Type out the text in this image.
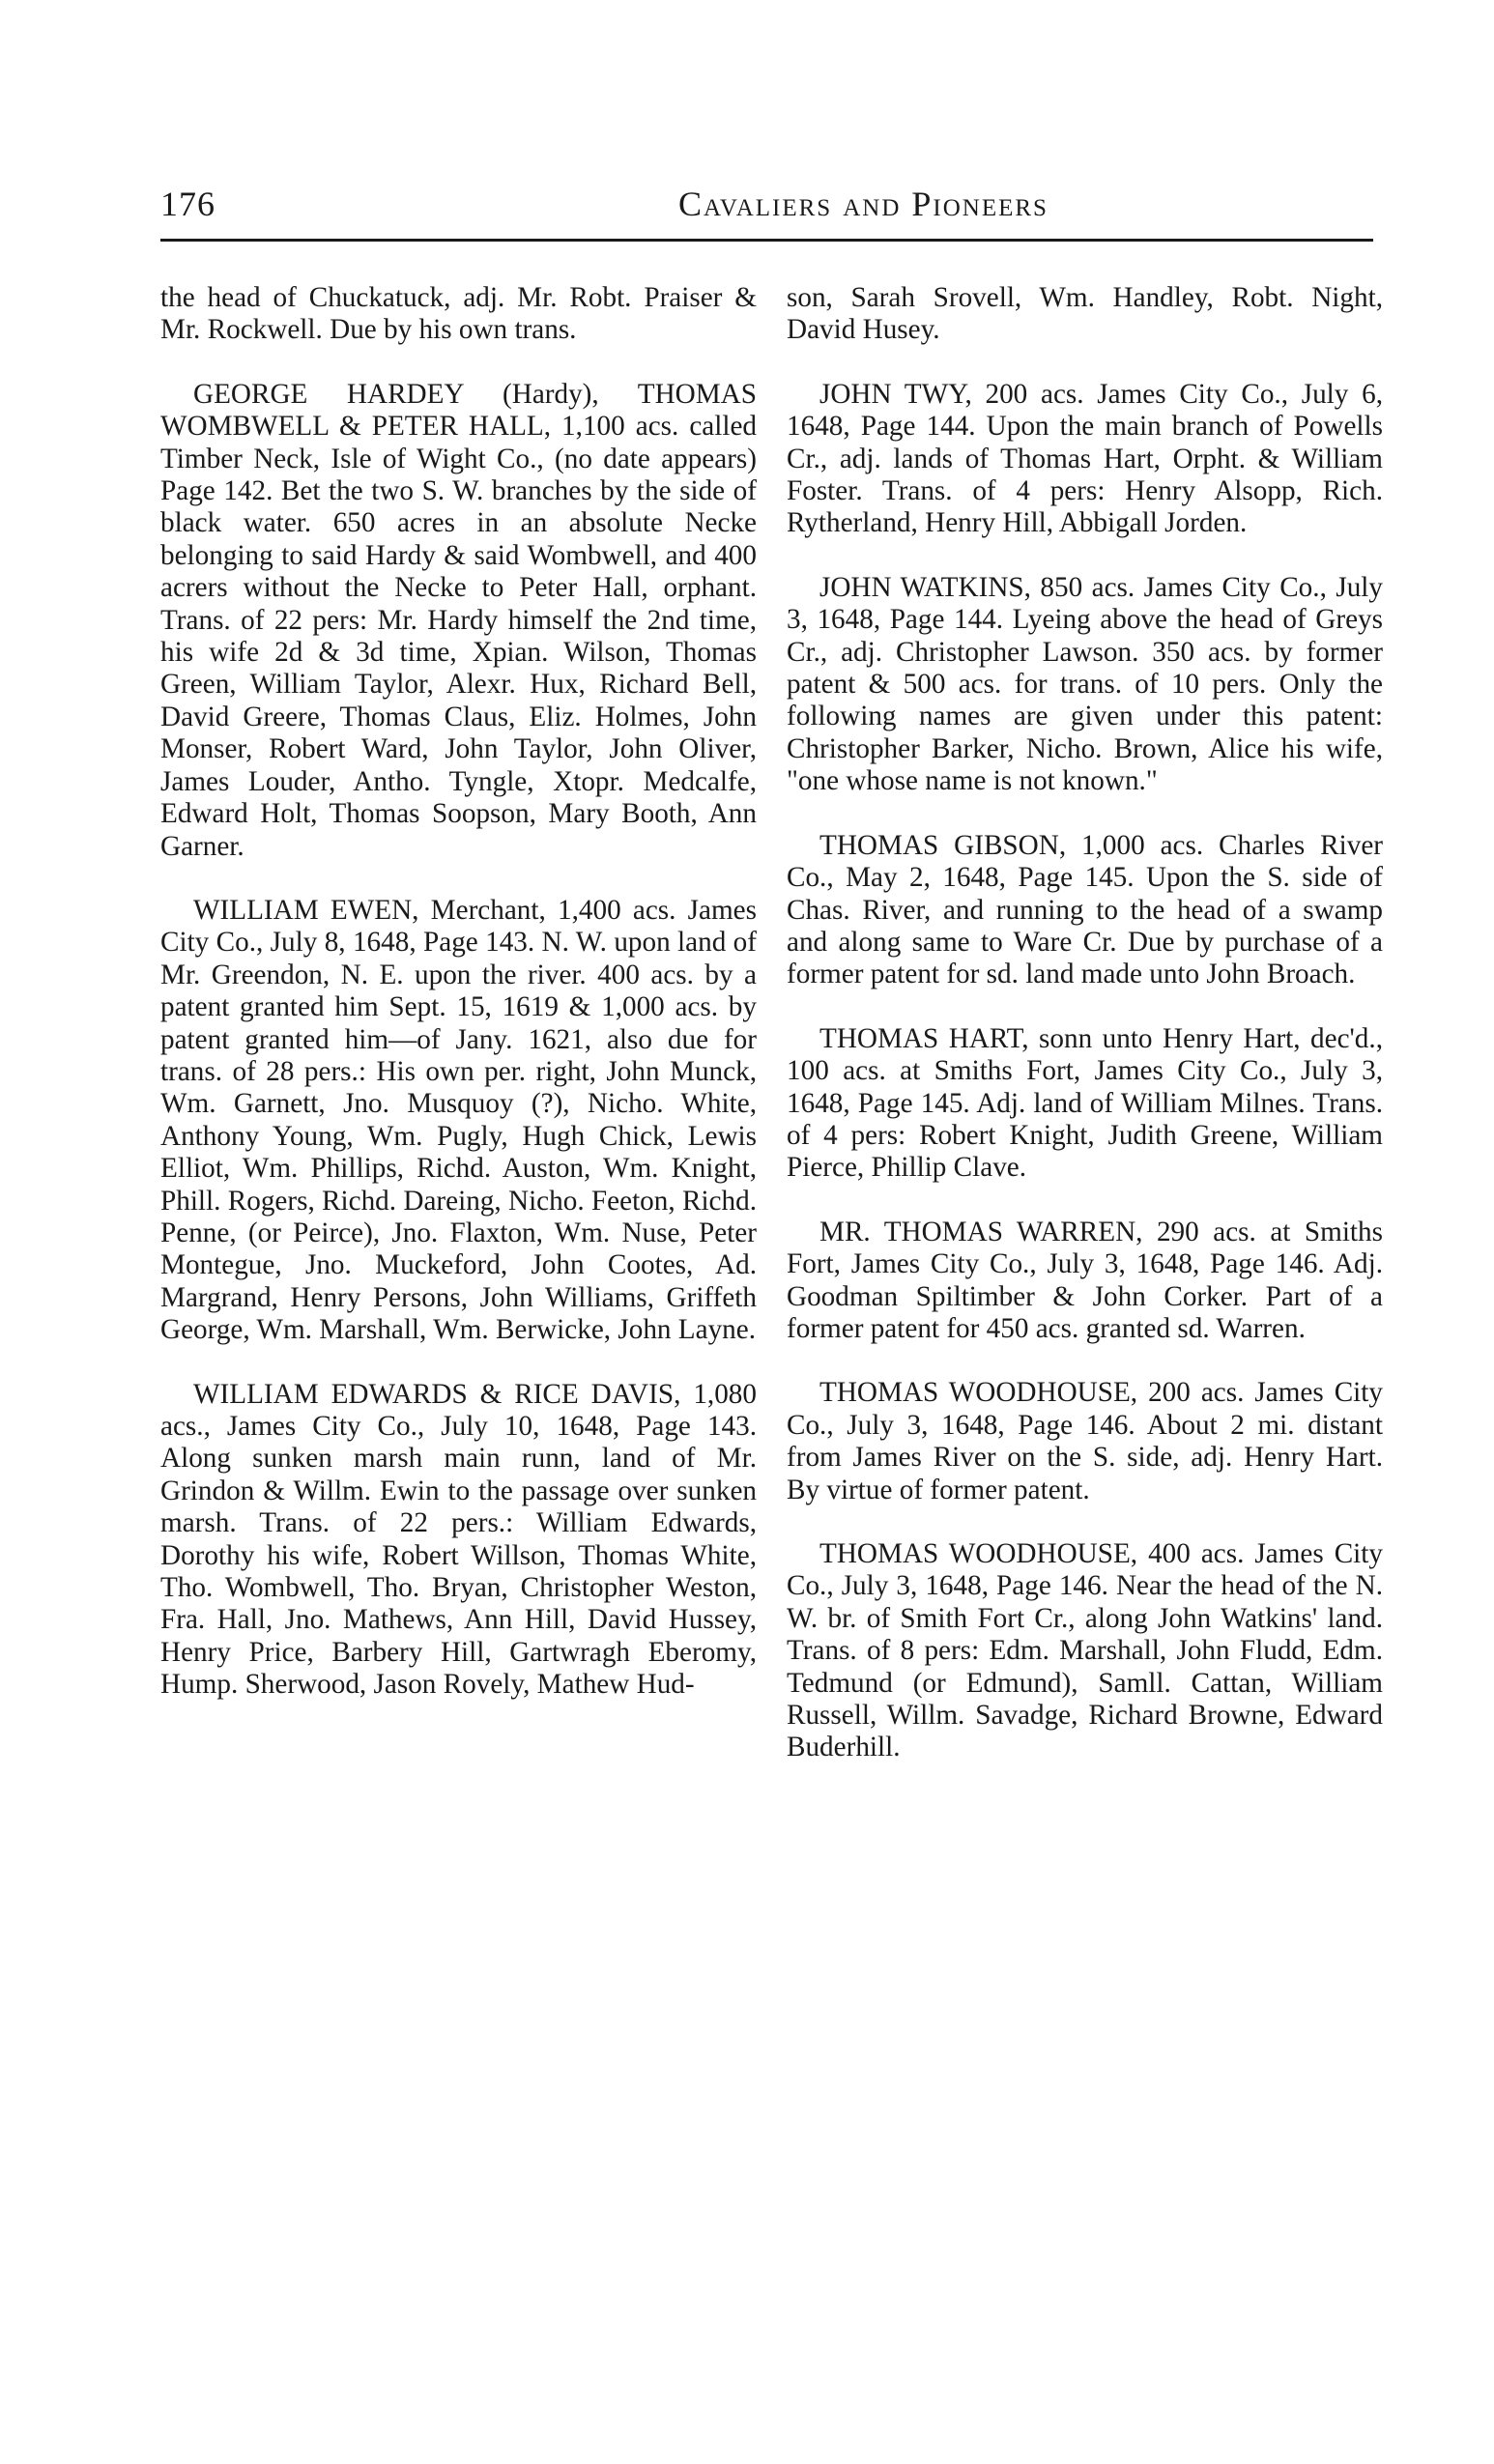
176	Cavaliers and Pioneers

the head of Chuckatuck, adj. Mr. Robt. Praiser & Mr. Rockwell. Due by his own trans.

GEORGE HARDEY (Hardy), THOMAS WOMBWELL & PETER HALL, 1,100 acs. called Timber Neck, Isle of Wight Co., (no date appears) Page 142. Bet the two S. W. branches by the side of black water. 650 acres in an absolute Necke belonging to said Hardy & said Wombwell, and 400 acrers without the Necke to Peter Hall, orphant. Trans. of 22 pers: Mr. Hardy himself the 2nd time, his wife 2d & 3d time, Xpian. Wilson, Thomas Green, William Taylor, Alexr. Hux, Richard Bell, David Greere, Thomas Claus, Eliz. Holmes, John Monser, Robert Ward, John Taylor, John Oliver, James Louder, Antho. Tyngle, Xtopr. Medcalfe, Edward Holt, Thomas Soopson, Mary Booth, Ann Garner.

WILLIAM EWEN, Merchant, 1,400 acs. James City Co., July 8, 1648, Page 143. N. W. upon land of Mr. Greendon, N. E. upon the river. 400 acs. by a patent granted him Sept. 15, 1619 & 1,000 acs. by patent granted him—of Jany. 1621, also due for trans. of 28 pers.: His own per. right, John Munck, Wm. Garnett, Jno. Musquoy (?), Nicho. White, Anthony Young, Wm. Pugly, Hugh Chick, Lewis Elliot, Wm. Phillips, Richd. Auston, Wm. Knight, Phill. Rogers, Richd. Dareing, Nicho. Feeton, Richd. Penne, (or Peirce), Jno. Flaxton, Wm. Nuse, Peter Montegue, Jno. Muckeford, John Cootes, Ad. Margrand, Henry Persons, John Williams, Griffeth George, Wm. Marshall, Wm. Berwicke, John Layne.

WILLIAM EDWARDS & RICE DAVIS, 1,080 acs., James City Co., July 10, 1648, Page 143. Along sunken marsh main runn, land of Mr. Grindon & Willm. Ewin to the passage over sunken marsh. Trans. of 22 pers.: William Edwards, Dorothy his wife, Robert Willson, Thomas White, Tho. Wombwell, Tho. Bryan, Christopher Weston, Fra. Hall, Jno. Mathews, Ann Hill, David Hussey, Henry Price, Barbery Hill, Gartwragh Eberomy, Hump. Sherwood, Jason Rovely, Mathew Hud-

son, Sarah Srovell, Wm. Handley, Robt. Night, David Husey.

JOHN TWY, 200 acs. James City Co., July 6, 1648, Page 144. Upon the main branch of Powells Cr., adj. lands of Thomas Hart, Orpht. & William Foster. Trans. of 4 pers: Henry Alsopp, Rich. Rytherland, Henry Hill, Abbigall Jorden.

JOHN WATKINS, 850 acs. James City Co., July 3, 1648, Page 144. Lyeing above the head of Greys Cr., adj. Christopher Lawson. 350 acs. by former patent & 500 acs. for trans. of 10 pers. Only the following names are given under this patent: Christopher Barker, Nicho. Brown, Alice his wife, "one whose name is not known."

THOMAS GIBSON, 1,000 acs. Charles River Co., May 2, 1648, Page 145. Upon the S. side of Chas. River, and running to the head of a swamp and along same to Ware Cr. Due by purchase of a former patent for sd. land made unto John Broach.

THOMAS HART, sonn unto Henry Hart, dec'd., 100 acs. at Smiths Fort, James City Co., July 3, 1648, Page 145. Adj. land of William Milnes. Trans. of 4 pers: Robert Knight, Judith Greene, William Pierce, Phillip Clave.

MR. THOMAS WARREN, 290 acs. at Smiths Fort, James City Co., July 3, 1648, Page 146. Adj. Goodman Spiltimber & John Corker. Part of a former patent for 450 acs. granted sd. Warren.

THOMAS WOODHOUSE, 200 acs. James City Co., July 3, 1648, Page 146. About 2 mi. distant from James River on the S. side, adj. Henry Hart. By virtue of former patent.

THOMAS WOODHOUSE, 400 acs. James City Co., July 3, 1648, Page 146. Near the head of the N. W. br. of Smith Fort Cr., along John Watkins' land. Trans. of 8 pers: Edm. Marshall, John Fludd, Edm. Tedmund (or Edmund), Samll. Cattan, William Russell, Willm. Savadge, Richard Browne, Edward Buderhill.
